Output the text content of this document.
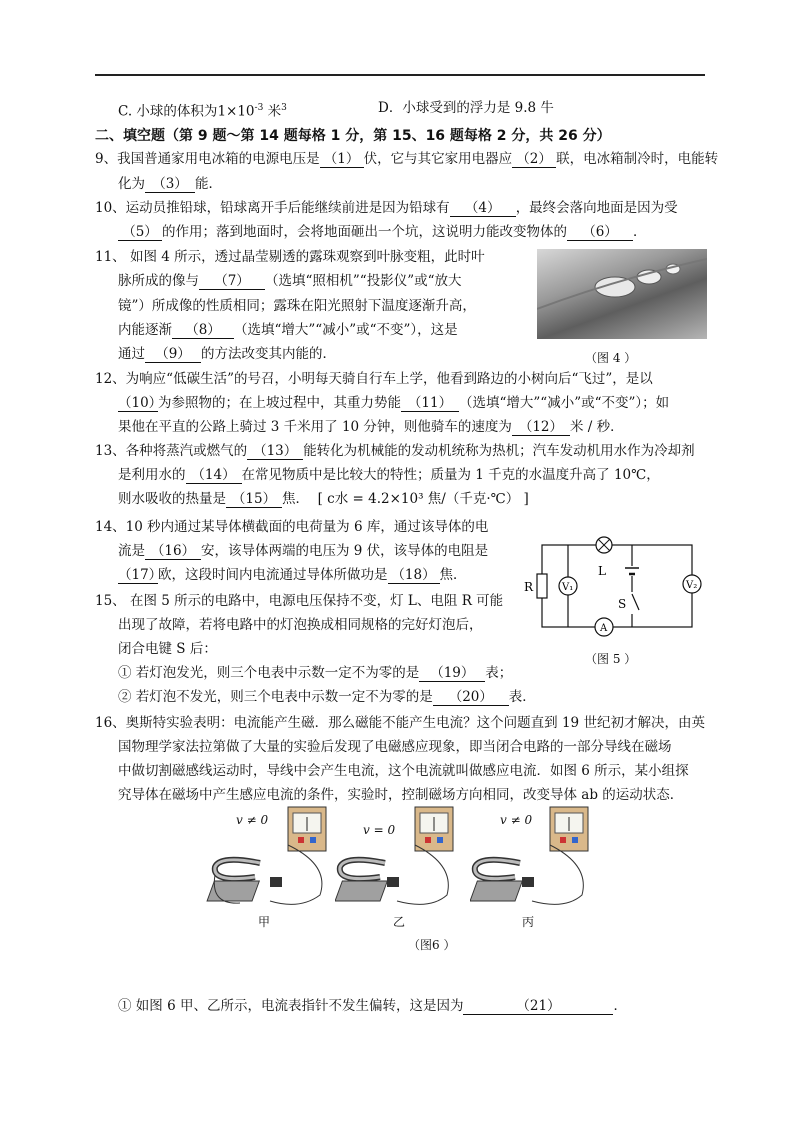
C. 小球的体积为$1\times 10^{-3}$ 米$^3$	D．小球受到的浮力是 9.8 牛
二、填空题（第 9 题～第 14 题每格 1 分，第 15、16 题每格 2 分，共 26 分）
9、我国普通家用电冰箱的电源电压是 （1） 伏，它与其它家用电器应 （2） 联，电冰箱制冷时，电能转
化为 （3） 能．
10、运动员推铅球，铅球离开手后能继续前进是因为铅球有 （4） ，最终会落向地面是因为受
（5） 的作用；落到地面时，会将地面砸出一个坑，这说明力能改变物体的 （6） ．
11、 如图 4 所示，透过晶莹剔透的露珠观察到叶脉变粗，此时叶
脉所成的像与 （7） （选填“照相机”“投影仪”或“放大
镜”）所成像的性质相同；露珠在阳光照射下温度逐渐升高，
内能逐渐 （8） （选填“增大”“减小”或“不变”），这是
通过 （9） 的方法改变其内能的．	（图 4 ）
12、为响应“低碳生活”的号召，小明每天骑自行车上学，他看到路边的小树向后“飞过”，是以
（10）为参照物的；在上坡过程中，其重力势能 （11） （选填“增大”“减小”或“不变”）；如
果他在平直的公路上骑过 3 千米用了 10 分钟，则他骑车的速度为 （12） 米 / 秒．
13、各种将蒸汽或燃气的 （13） 能转化为机械能的发动机统称为热机；汽车发动机用水作为冷却剂
是利用水的 （14） 在常见物质中是比较大的特性；质量为 1 千克的水温度升高了 10℃，
则水吸收的热量是 （15） 焦． [ c水 = 4.2×10³ 焦/（千克·℃） ]
14、10 秒内通过某导体横截面的电荷量为 6 库，通过该导体的电
流是 （16） 安，该导体两端的电压为 9 伏，该导体的电阻是
（17）欧，这段时间内电流通过导体所做功是 （18） 焦．
R
L
S
V₁	V₂
A
（图 5 ）
15、 在图 5 所示的电路中，电源电压保持不变，灯 L、电阻 R 可能
出现了故障，若将电路中的灯泡换成相同规格的完好灯泡后，
闭合电键 S 后：
① 若灯泡发光，则三个电表中示数一定不为零的是 （19） 表；
② 若灯泡不发光，则三个电表中示数一定不为零的是 （20） 表．
16、奥斯特实验表明：电流能产生磁．那么磁能不能产生电流？这个问题直到 19 世纪初才解决，由英
国物理学家法拉第做了大量的实验后发现了电磁感应现象，即当闭合电路的一部分导线在磁场
中做切割磁感线运动时，导线中会产生电流，这个电流就叫做感应电流．如图 6 所示，某小组探
究导体在磁场中产生感应电流的条件，实验时，控制磁场方向相同，改变导体 ab 的运动状态．
v ≠ 0
甲
v = 0
乙
v ≠ 0
丙
（图6 ）
① 如图 6 甲、乙所示，电流表指针不发生偏转，这是因为	（21）	．
